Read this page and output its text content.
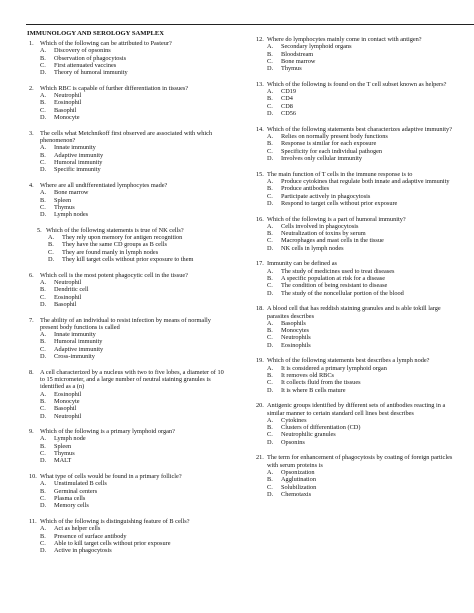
IMMUNOLOGY AND SEROLOGY SAMPLEX
1. Which of the following can be attributed to Pasteur?
A.	Discovery of opsonins
B.	Observation of phagocytosis
C.	First attenuated vaccines
D.	Theory of humoral immunity
2. Which RBC is capable of further differentiation in tissues?
A.	Neutrophil
B.	Eosinophil
C.	Basophil
D.	Monocyte
3. The cells what Metchnikoff first observed are associated with which phenomenon?
A.	Innate immunity
B.	Adaptive immunity
C.	Humoral immunity
D.	Specific immunity
4. Where are all undifferentiated lymphocytes made?
A.	Bone marrow
B.	Spleen
C.	Thymus
D.	Lymph nodes
5. Which of the following statements is true of NK cells?
A.	They rely upon memory for antigen recognition
B.	They have the same CD groups as B cells
C.	They are found manly in lymph nodes
D.	They kill target cells without prior exposure to them
6. Which cell is the most potent phagocytic cell in the tissue?
A.	Neutrophil
B.	Dendritic cell
C.	Eosinophil
D.	Basophil
7. The ability of an individual to resist infection by means of normally present body functions is called
A.	Innate immunity
B.	Humoral immunity
C.	Adaptive immunity
D.	Cross-immunity
8. A cell characterized by a nucleus with two to five lobes, a diameter of 10 to 15 micrometer, and a large number of neutral staining granules is identified as a (n)
A.	Eosinophil
B.	Monocyte
C.	Basophil
D.	Neutrophil
9. Which of the following is a primary lymphoid organ?
A.	Lymph node
B.	Spleen
C.	Thymus
D.	MALT
10. What type of cells would be found in a primary follicle?
A.	Unstimulated B cells
B.	Germinal centers
C.	Plasma cells
D.	Memory cells
11. Which of the following is distinguishing feature of B cells?
A.	Act as helper cells
B.	Presence of surface antibody
C.	Able to kill target cells without prior exposure
D.	Active in phagocytosis
12. Where do lymphocytes mainly come in contact with antigen?
A.	Secondary lymphoid organs
B.	Bloodstream
C.	Bone marrow
D.	Thymus
13. Which of the following is found on the T cell subset known as helpers?
A.	CD19
B.	CD4
C.	CD8
D.	CD56
14. Which of the following statements best characterizes adaptive immunity?
A.	Relies on normally present body functions
B.	Response is similar for each exposure
C.	Specificity for each individual pathogen
D.	Involves only cellular immunity
15. The main function of T cells in the immune response is to
A.	Produce cytokines that regulate both innate and adaptive immunity
B.	Produce antibodies
C.	Participate actively in phagocytosis
D.	Respond to target cells without prior exposure
16. Which of the following is a part of humoral immunity?
A.	Cells involved in phagocytosis
B.	Neutralization of toxins by serum
C.	Macrophages and mast cells in the tissue
D.	NK cells in lymph nodes
17. Immunity can be defined as
A.	The study of medicines used to treat diseases
B.	A specific population at risk for a disease
C.	The condition of being resistant to disease
D.	The study of the noncellular portion of the blood
18. A blood cell that has reddish staining granules and is able tokill large parasites describes
A.	Basophils
B.	Monocytes
C.	Neutrophils
D.	Eosinophils
19. Which of the following statements best describes a lymph node?
A.	It is considered a primary lymphoid organ
B.	It removes old RBCs
C.	It collects fluid from the tissues
D.	It is where B cells mature
20. Antigenic groups identified by different sets of antibodies reacting in a similar manner to certain standard cell lines best describes
A.	Cytokines
B.	Clusters of differentiation (CD)
C.	Neutrophilic granules
D.	Opsonins
21. The term for enhancement of phagocytosis by coating of foreign particles with serum proteins is
A.	Opsonization
B.	Agglutination
C.	Solubilization
D.	Chemotaxis
